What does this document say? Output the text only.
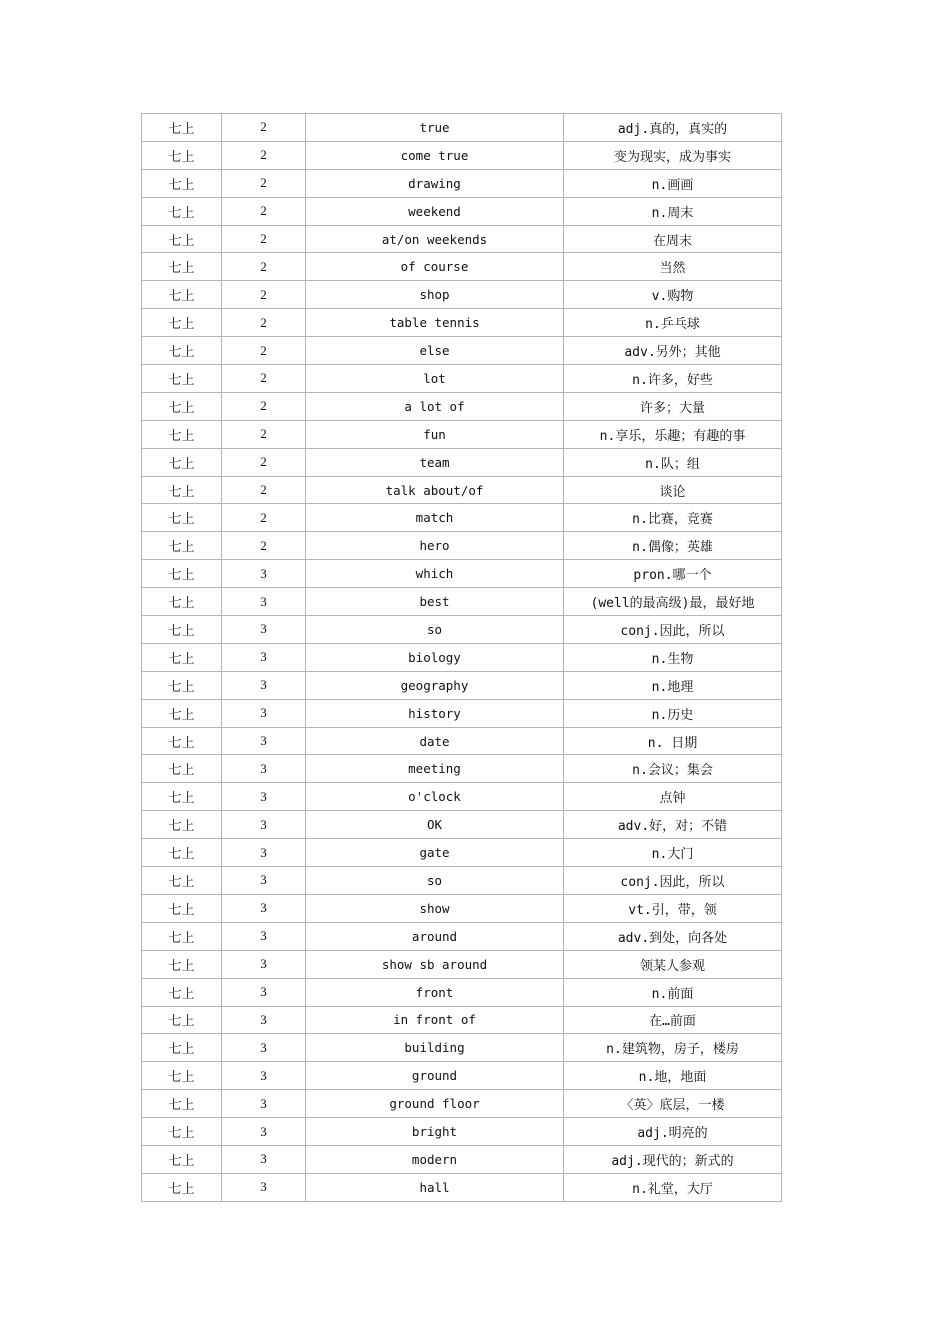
七上	2	true	adj.真的，真实的
七上	2	come true	变为现实，成为事实
七上	2	drawing	n.画画
七上	2	weekend	n.周末
七上	2	at/on weekends	在周末
七上	2	of course	当然
七上	2	shop	v.购物
七上	2	table tennis	n.乒乓球
七上	2	else	adv.另外；其他
七上	2	lot	n.许多，好些
七上	2	a lot of	许多；大量
七上	2	fun	n.享乐，乐趣；有趣的事
七上	2	team	n.队；组
七上	2	talk about/of	谈论
七上	2	match	n.比赛，竞赛
七上	2	hero	n.偶像；英雄
七上	3	which	pron.哪一个
七上	3	best	(well的最高级)最，最好地
七上	3	so	conj.因此，所以
七上	3	biology	n.生物
七上	3	geography	n.地理
七上	3	history	n.历史
七上	3	date	n. 日期
七上	3	meeting	n.会议；集会
七上	3	o'clock	点钟
七上	3	OK	adv.好，对；不错
七上	3	gate	n.大门
七上	3	so	conj.因此，所以
七上	3	show	vt.引，带，领
七上	3	around	adv.到处，向各处
七上	3	show sb around	领某人参观
七上	3	front	n.前面
七上	3	in front of	在…前面
七上	3	building	n.建筑物，房子，楼房
七上	3	ground	n.地，地面
七上	3	ground floor	〈英〉底层，一楼
七上	3	bright	adj.明亮的
七上	3	modern	adj.现代的；新式的
七上	3	hall	n.礼堂，大厅
